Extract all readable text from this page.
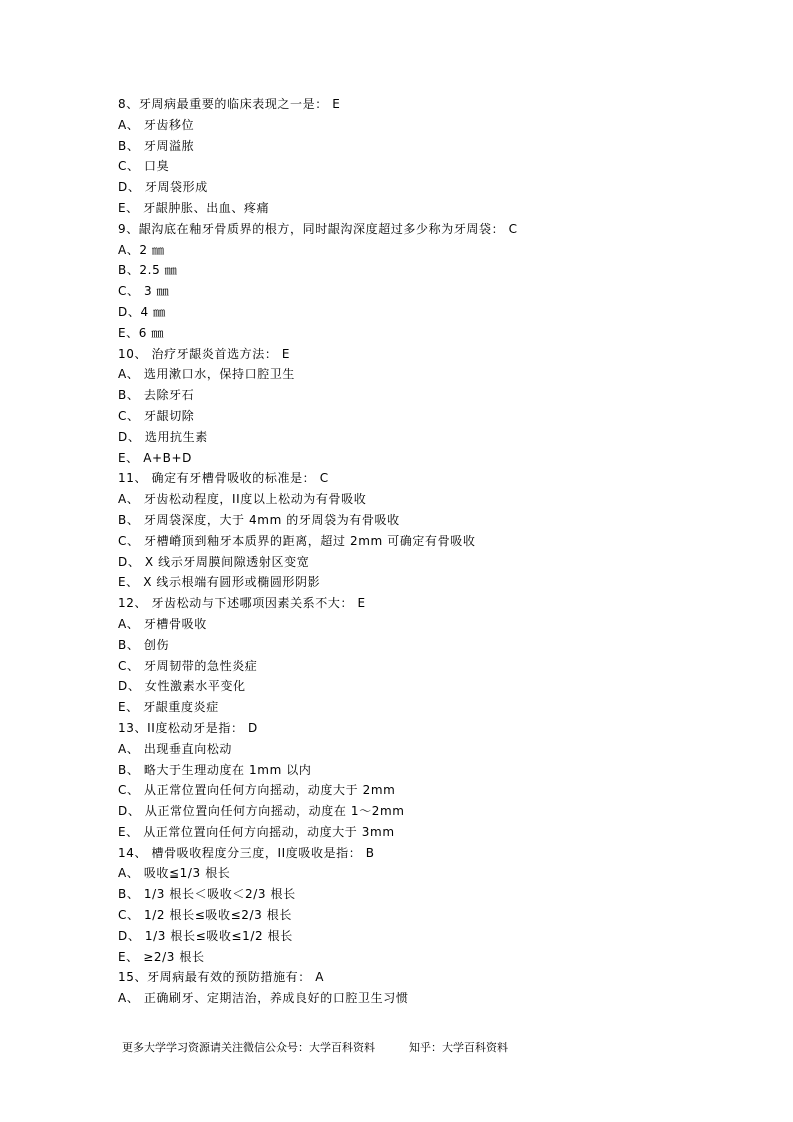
8、牙周病最重要的临床表现之一是： E
A、 牙齿移位
B、 牙周溢脓
C、 口臭
D、 牙周袋形成
E、 牙龈肿胀、出血、疼痛
9、龈沟底在釉牙骨质界的根方，同时龈沟深度超过多少称为牙周袋： C
A、2 ㎜
B、2.5 ㎜
C、 3 ㎜
D、4 ㎜
E、6 ㎜
10、 治疗牙龈炎首选方法： E
A、 选用漱口水，保持口腔卫生
B、 去除牙石
C、 牙龈切除
D、 选用抗生素
E、 A+B+D
11、 确定有牙槽骨吸收的标准是： C
A、 牙齿松动程度，II度以上松动为有骨吸收
B、 牙周袋深度，大于 4mm 的牙周袋为有骨吸收
C、 牙槽嵴顶到釉牙本质界的距离，超过 2mm 可确定有骨吸收
D、 X 线示牙周膜间隙透射区变宽
E、 X 线示根端有圆形或椭圆形阴影
12、 牙齿松动与下述哪项因素关系不大： E
A、 牙槽骨吸收
B、 创伤
C、 牙周韧带的急性炎症
D、 女性激素水平变化
E、 牙龈重度炎症
13、II度松动牙是指： D
A、 出现垂直向松动
B、 略大于生理动度在 1mm 以内
C、 从正常位置向任何方向摇动，动度大于 2mm
D、 从正常位置向任何方向摇动，动度在 1～2mm
E、 从正常位置向任何方向摇动，动度大于 3mm
14、 槽骨吸收程度分三度，II度吸收是指： B
A、 吸收≦1/3 根长
B、 1/3 根长＜吸收＜2/3 根长
C、 1/2 根长≤吸收≤2/3 根长
D、 1/3 根长≤吸收≤1/2 根长
E、 ≥2/3 根长
15、牙周病最有效的预防措施有： A
A、 正确刷牙、定期洁治，养成良好的口腔卫生习惯
更多大学学习资源请关注微信公众号：大学百科资料	知乎：大学百科资料
